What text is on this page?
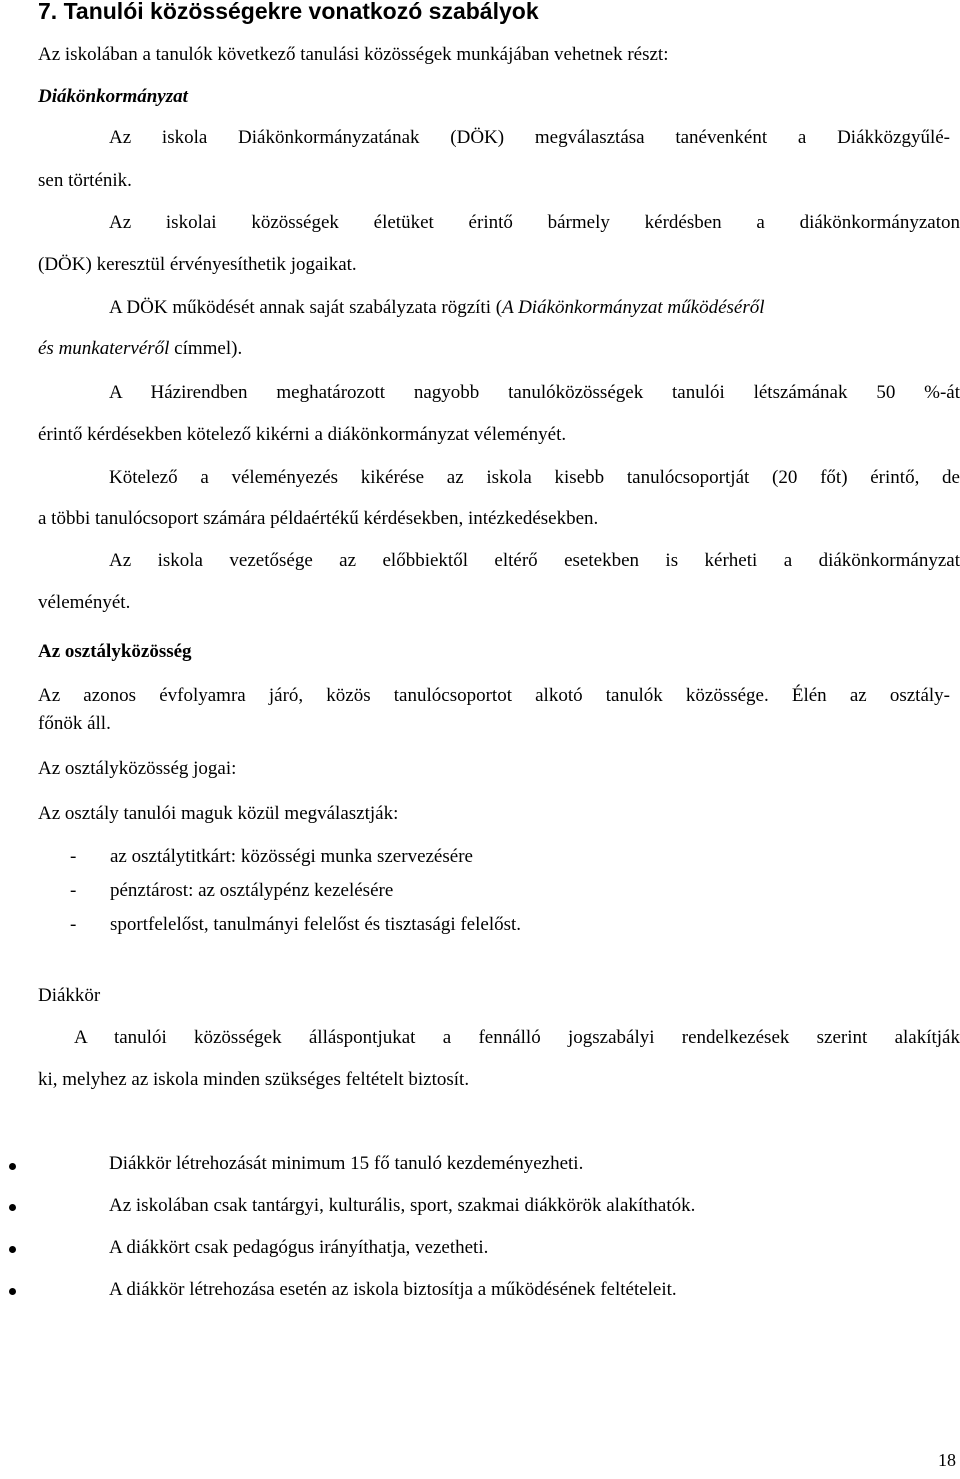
7. Tanulói közösségekre vonatkozó szabályok
Az iskolában a tanulók következő tanulási közösségek munkájában vehetnek részt:
Diákönkormányzat
Az iskola Diákönkormányzatának (DÖK) megválasztása tanévenként a Diákközgyűlé-
sen történik.
Az iskolai közösségek életüket érintő bármely kérdésben a diákönkormányzaton
(DÖK) keresztül érvényesíthetik jogaikat.
A DÖK működését annak saját szabályzata rögzíti (A Diákönkormányzat működéséről
és munkatervéről címmel).
A Házirendben meghatározott nagyobb tanulóközösségek tanulói létszámának 50 %-át
érintő kérdésekben kötelező kikérni a diákönkormányzat véleményét.
Kötelező a véleményezés kikérése az iskola kisebb tanulócsoportját (20 főt) érintő, de
a többi tanulócsoport számára példaértékű kérdésekben, intézkedésekben.
Az iskola vezetősége az előbbiektől eltérő esetekben is kérheti a diákönkormányzat
véleményét.
Az osztályközösség
Az azonos évfolyamra járó, közös tanulócsoportot alkotó tanulók közössége. Élén az osztály-
főnök áll.
Az osztályközösség jogai:
Az osztály tanulói maguk közül megválasztják:
- az osztálytitkárt: közösségi munka szervezésére
- pénztárost: az osztálypénz kezelésére
- sportfelelőst, tanulmányi felelőst és tisztasági felelőst.
Diákkör
A tanulói közösségek álláspontjukat a fennálló jogszabályi rendelkezések szerint alakítják
ki, melyhez az iskola minden szükséges feltételt biztosít.
Diákkör létrehozását minimum 15 fő tanuló kezdeményezheti.
Az iskolában csak tantárgyi, kulturális, sport, szakmai diákkörök alakíthatók.
A diákkört csak pedagógus irányíthatja, vezetheti.
A diákkör létrehozása esetén az iskola biztosítja a működésének feltételeit.
18
